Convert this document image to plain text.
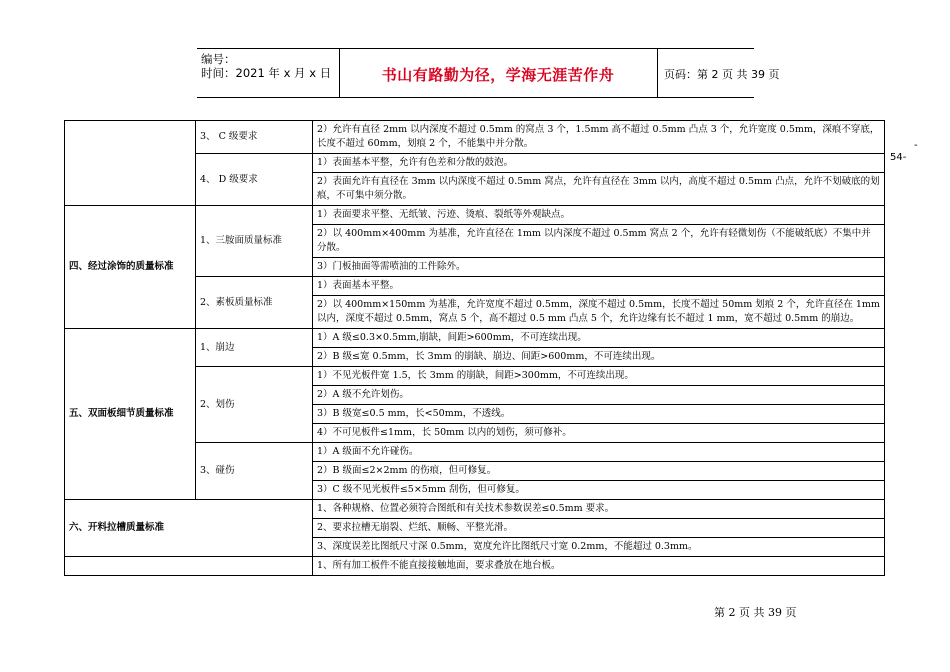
编号：
时间：2021 年 x 月 x 日	书山有路勤为径，学海无涯苦作舟	页码：第 2 页 共 39 页
-
54-
	3、 C 级要求	2）允许有直径 2mm 以内深度不超过 0.5mm 的窝点 3 个，1.5mm 高不超过 0.5mm 凸点 3 个，允许宽度 0.5mm，深痕不穿底，长度不超过 60mm，划痕 2 个，不能集中并分散。
	4、 D 级要求	1）表面基本平整，允许有色差和分散的鼓泡。
		2）表面允许有直径在 3mm 以内深度不超过 0.5mm 窝点，允许有直径在 3mm 以内，高度不超过 0.5mm 凸点，允许不划破底的划痕，不可集中须分散。
四、经过涂饰的质量标准	1、三胺面质量标准	1）表面要求平整、无纸皱、污迹、烫痕、裂纸等外观缺点。
		2）以 400mm×400mm 为基准，允许直径在 1mm 以内深度不超过 0.5mm 窝点 2 个，允许有轻微划伤（不能破纸底）不集中并分散。
		3）门板抽面等需喷油的工件除外。
	2、素板质量标准	1）表面基本平整。
		2）以 400mm×150mm 为基准，允许宽度不超过 0.5mm，深度不超过 0.5mm，长度不超过 50mm 划痕 2 个，允许直径在 1mm 以内，深度不超过 0.5mm，窝点 5 个，高不超过 0.5 mm 凸点 5 个，允许边缘有长不超过 1 mm，宽不超过 0.5mm 的崩边。
五、双面板细节质量标准	1、崩边	1）A 级≤0.3×0.5mm,崩缺，间距>600mm，不可连续出现。
		2）B 级≤宽 0.5mm，长 3mm 的崩缺、崩边、间距>600mm，不可连续出现。
	2、划伤	1）不见光板件宽 1.5，长 3mm 的崩缺，间距>300mm，不可连续出现。
		2）A 级不允许划伤。
		3）B 级宽≤0.5 mm，长<50mm，不透线。
		4）不可见板件≤1mm，长 50mm 以内的划伤，须可修补。
	3、碰伤	1）A 级面不允许碰伤。
		2）B 级面≤2×2mm 的伤痕，但可修复。
		3）C 级不见光板件≤5×5mm 刮伤，但可修复。
六、开料拉槽质量标准		1、各种规格、位置必须符合图纸和有关技术参数误差≤0.5mm 要求。
		2、要求拉槽无崩裂、烂纸、顺畅、平整光滑。
		3、深度误差比图纸尺寸深 0.5mm，宽度允许比图纸尺寸宽 0.2mm，不能超过 0.3mm。
		1、所有加工板件不能直接接触地面，要求叠放在地台板。
第 2 页 共 39 页
